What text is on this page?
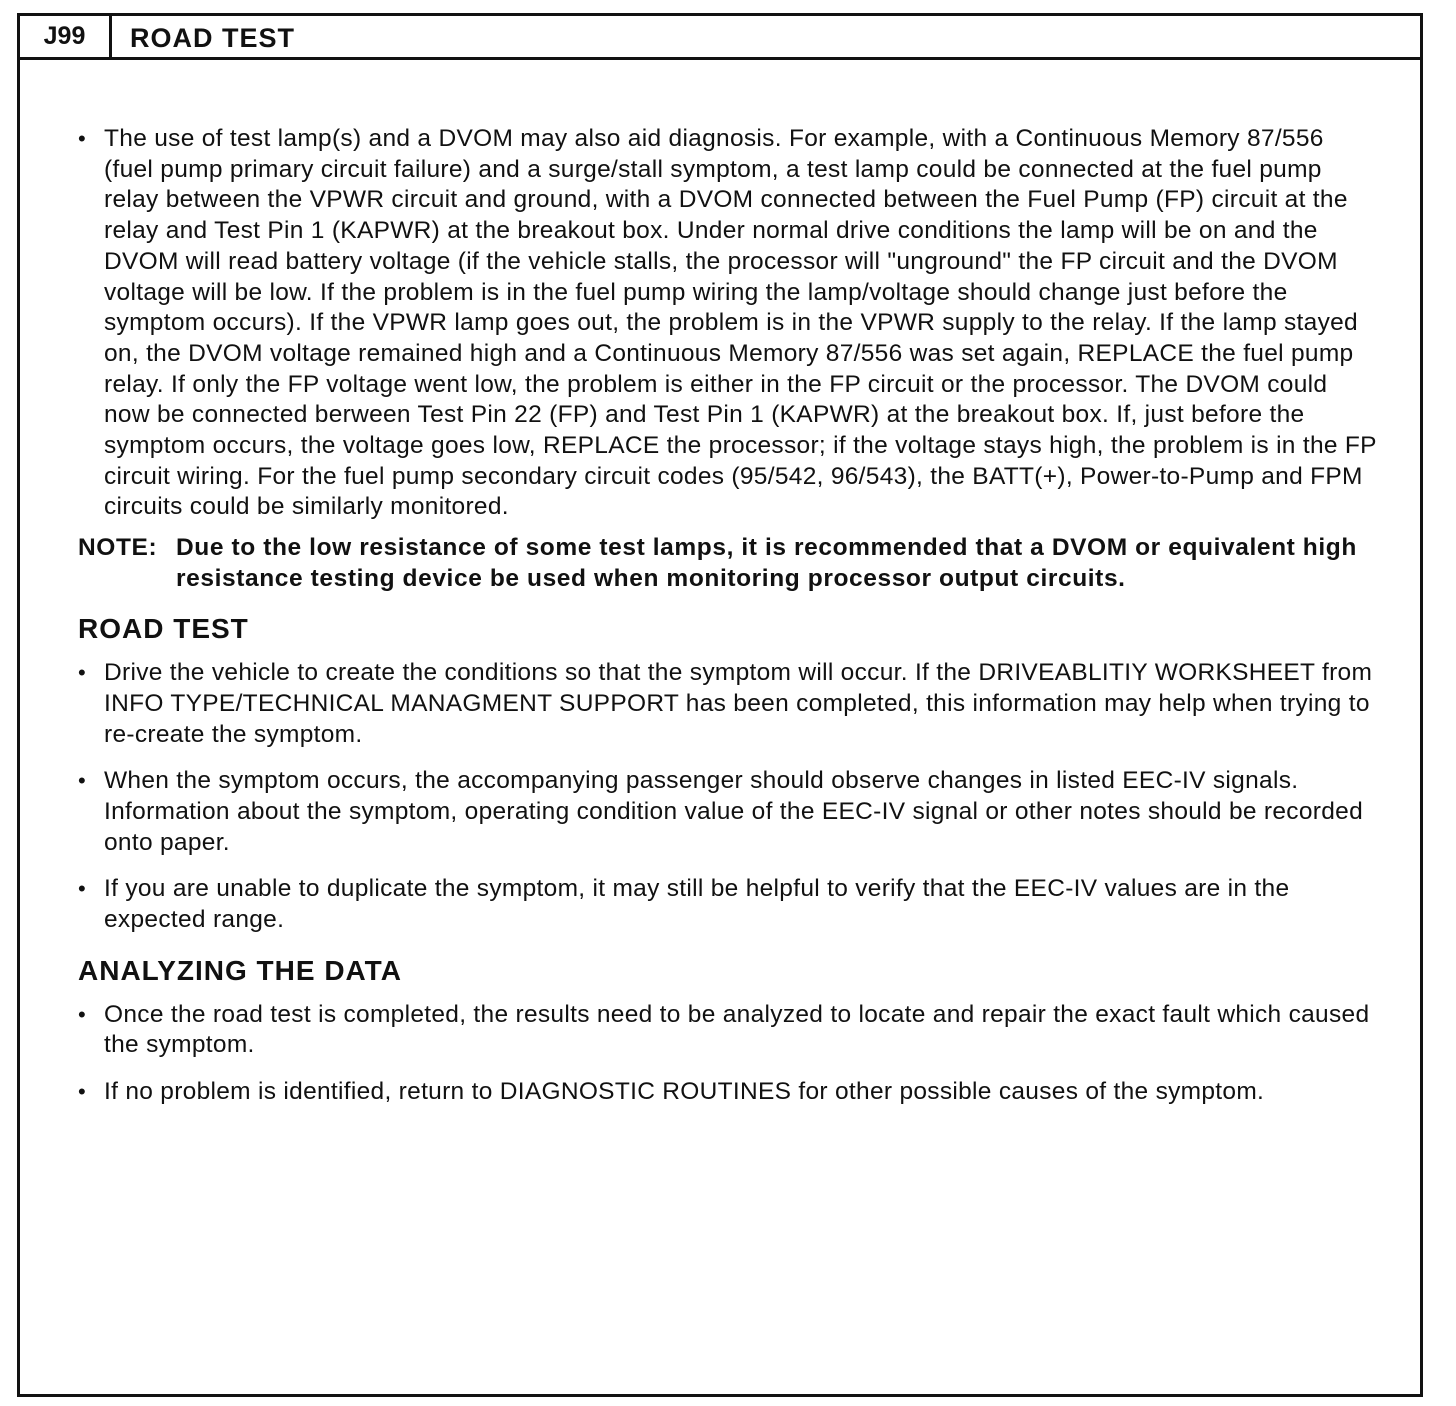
J99	ROAD TEST

• The use of test lamp(s) and a DVOM may also aid diagnosis. For example, with a Continuous Memory 87/556 (fuel pump primary circuit failure) and a surge/stall symptom, a test lamp could be connected at the fuel pump relay between the VPWR circuit and ground, with a DVOM connected between the Fuel Pump (FP) circuit at the relay and Test Pin 1 (KAPWR) at the breakout box. Under normal drive conditions the lamp will be on and the DVOM will read battery voltage (if the vehicle stalls, the processor will "unground" the FP circuit and the DVOM voltage will be low. If the problem is in the fuel pump wiring the lamp/voltage should change just before the symptom occurs). If the VPWR lamp goes out, the problem is in the VPWR supply to the relay. If the lamp stayed on, the DVOM voltage remained high and a Continuous Memory 87/556 was set again, REPLACE the fuel pump relay. If only the FP voltage went low, the problem is either in the FP circuit or the processor. The DVOM could now be connected berween Test Pin 22 (FP) and Test Pin 1 (KAPWR) at the breakout box. If, just before the symptom occurs, the voltage goes low, REPLACE the processor; if the voltage stays high, the problem is in the FP circuit wiring. For the fuel pump secondary circuit codes (95/542, 96/543), the BATT(+), Power-to-Pump and FPM circuits could be similarly monitored.

NOTE: Due to the low resistance of some test lamps, it is recommended that a DVOM or equivalent high resistance testing device be used when monitoring processor output circuits.
ROAD TEST

• Drive the vehicle to create the conditions so that the symptom will occur. If the DRIVEABLITIY WORKSHEET from INFO TYPE/TECHNICAL MANAGMENT SUPPORT has been completed, this information may help when trying to re-create the symptom.

• When the symptom occurs, the accompanying passenger should observe changes in listed EEC-IV signals. Information about the symptom, operating condition value of the EEC-IV signal or other notes should be recorded onto paper.

• If you are unable to duplicate the symptom, it may still be helpful to verify that the EEC-IV values are in the expected range.

ANALYZING THE DATA

• Once the road test is completed, the results need to be analyzed to locate and repair the exact fault which caused the symptom.

• If no problem is identified, return to DIAGNOSTIC ROUTINES for other possible causes of the symptom.
